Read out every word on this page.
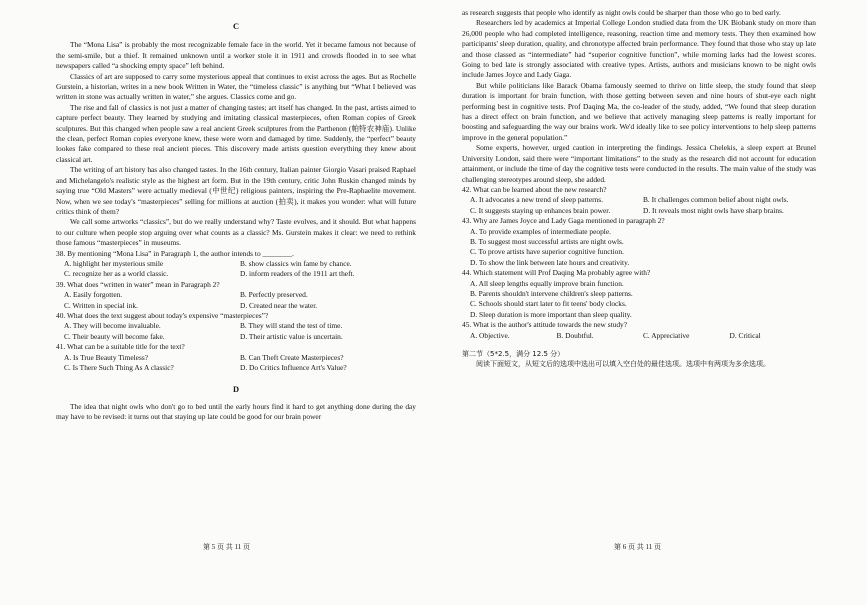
C

The “Mona Lisa” is probably the most recognizable female face in the world. Yet it became famous not because of the semi-smile, but a thief. It remained unknown until a worker stole it in 1911 and crowds flooded in to see what newspapers called “a shocking empty space” left behind.

Classics of art are supposed to carry some mysterious appeal that continues to exist across the ages. But as Rochelle Gurstein, a historian, writes in a new book Written in Water, the “timeless classic” is anything but “What I believed was written in stone was actually written in water,” she argues. Classics come and go.

The rise and fall of classics is not just a matter of changing tastes; art itself has changed. In the past, artists aimed to capture perfect beauty. They learned by studying and imitating classical masterpieces, often Roman copies of Greek sculptures. But this changed when people saw a real ancient Greek sculptures from the Parthenon (帕特农神庙). Unlike the clean, perfect Roman copies everyone knew, these were worn and damaged by time. Suddenly, the “perfect” beauty lookes fake compared to these real ancient pieces. This discovery made artists question everything they knew about classical art.

The writing of art history has also changed tastes. In the 16th century, Italian painter Giorgio Vasari praised Raphael and Michelangelo's realistic style as the highest art form. But in the 19th century, critic John Ruskin changed minds by saying true “Old Masters” were actually medieval (中世纪) religious painters, inspiring the Pre-Raphaelite movement. Now, when we see today's “masterpieces” selling for millions at auction (拍卖), it makes you wonder: what will future critics think of them?

We call some artworks “classics”, but do we really understand why? Taste evolves, and it should. But what happens to our culture when people stop arguing over what counts as a classic? Ms. Gurstein makes it clear: we need to rethink those famous “masterpieces” in museums.

38. By mentioning “Mona Lisa” in Paragraph 1, the author intends to ________.
A. highlight her mysterious smile	B. show classics win fame by chance.
C. recognize her as a world classic.	D. inform readers of the 1911 art theft.
39. What does “written in water” mean in Paragraph 2?
A. Easily forgotten.	B. Perfectly preserved.
C. Written in special ink.	D. Created near the water.
40. What does the text suggest about today's expensive “masterpieces”?
A. They will become invaluable.	B. They will stand the test of time.
C. Their beauty will become fake.	D. Their artistic value is uncertain.
41. What can be a suitable title for the text?
A. Is True Beauty Timeless?	B. Can Theft Create Masterpieces?
C. Is There Such Thing As A classic?	D. Do Critics Influence Art's Value?
D

The idea that night owls who don't go to bed until the early hours find it hard to get anything done during the day may have to be revised: it turns out that staying up late could be good for our brain power

第 5 页 共 11 页

as research suggests that people who identify as night owls could be sharper than those who go to bed early.

Researchers led by academics at Imperial College London studied data from the UK Biobank study on more than 26,000 people who had completed intelligence, reasoning, reaction time and memory tests. They then examined how participants' sleep duration, quality, and chronotype affected brain performance. They found that those who stay up late and those classed as “intermediate” had “superior cognitive function”, while morning larks had the lowest scores. Going to bed late is strongly associated with creative types. Artists, authors and musicians known to be night owls include James Joyce and Lady Gaga.

But while politicians like Barack Obama famously seemed to thrive on little sleep, the study found that sleep duration is important for brain function, with those getting between seven and nine hours of shut-eye each night performing best in cognitive tests. Prof Daqing Ma, the co-leader of the study, added, “We found that sleep duration has a direct effect on brain function, and we believe that actively managing sleep patterns is really important for boosting and safeguarding the way our brains work. We'd ideally like to see policy interventions to help sleep patterns improve in the general population.”

Some experts, however, urged caution in interpreting the findings. Jessica Chelekis, a sleep expert at Brunel University London, said there were “important limitations” to the study as the research did not account for education attainment, or include the time of day the cognitive tests were conducted in the results. The main value of the study was challenging stereotypes around sleep, she added.

42. What can be learned about the new research?
A. It advocates a new trend of sleep patterns.	B. It challenges common belief about night owls.
C. It suggests staying up enhances brain power.	D. It reveals most night owls have sharp brains.
43. Why are James Joyce and Lady Gaga mentioned in paragraph 2?
A. To provide examples of intermediate people.
B. To suggest most successful artists are night owls.
C. To prove artists have superior cognitive function.
D. To show the link between late hours and creativity.
44. Which statement will Prof Daqing Ma probably agree with?
A. All sleep lengths equally improve brain function.
B. Parents shouldn't intervene children's sleep patterns.
C. Schools should start later to fit teens' body clocks.
D. Sleep duration is more important than sleep quality.
45. What is the author's attitude towards the new study?
A. Objective.	B. Doubtful.	C. Appreciative	D. Critical
第二节（5*2.5，满分 12.5 分）
阅读下面短文，从短文后的选项中选出可以填入空白处的最佳选项。选项中有两项为多余选项。
第 6 页 共 11 页
